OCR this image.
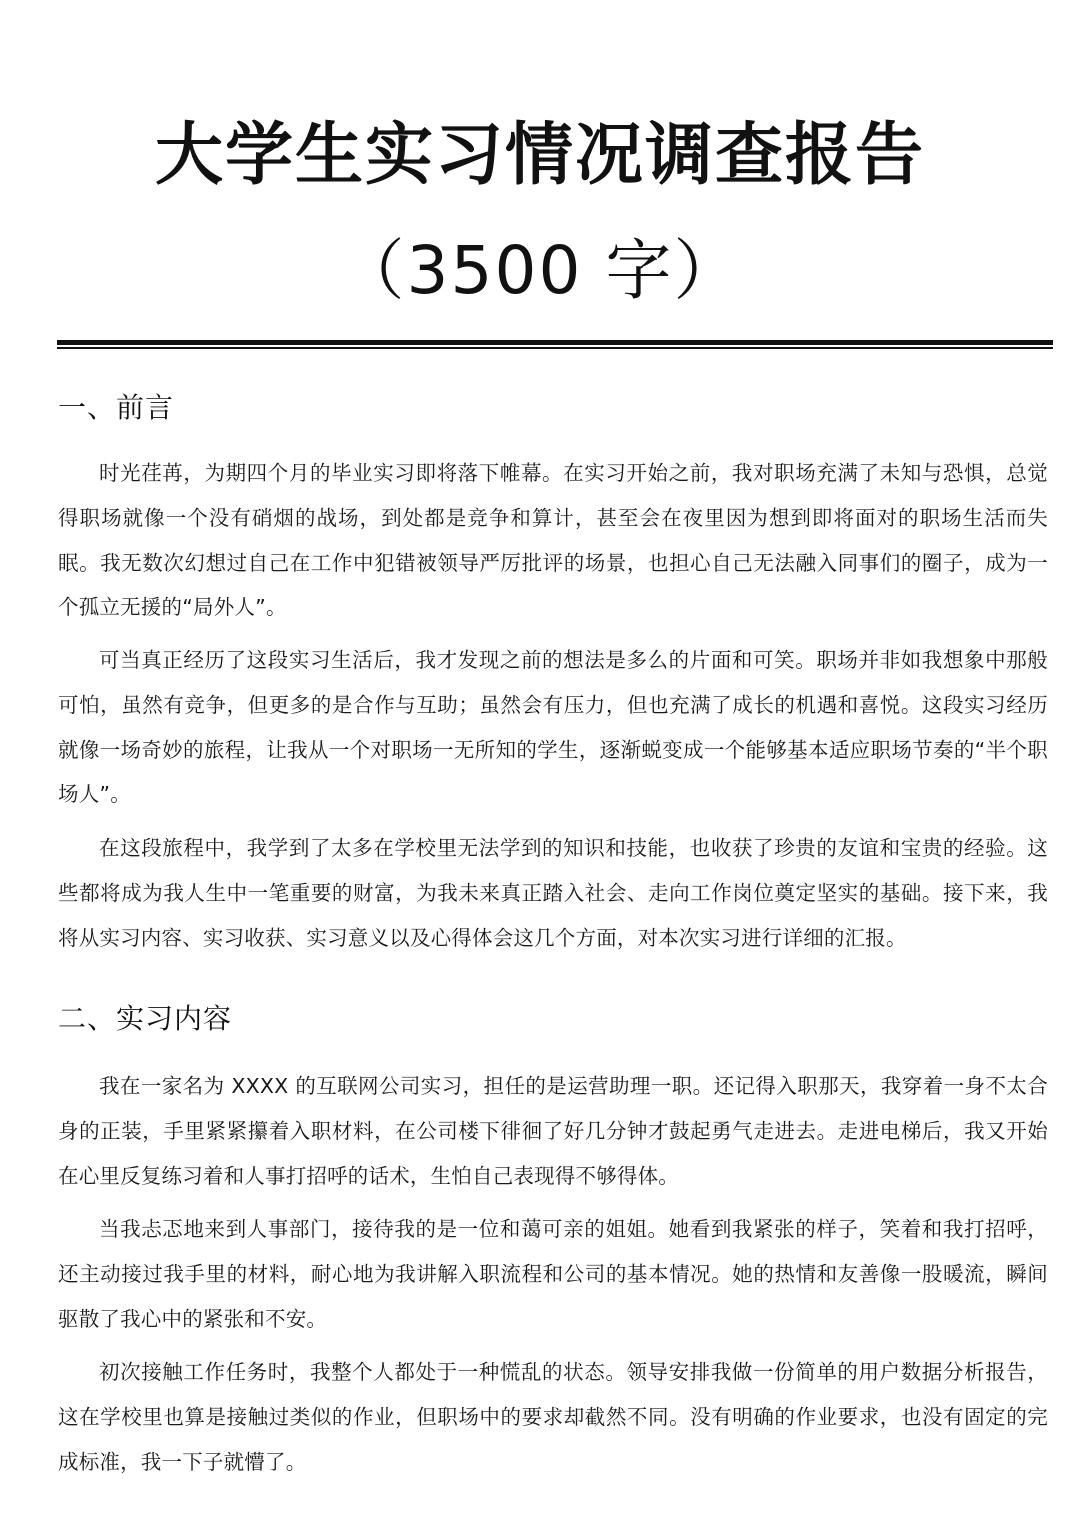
大学生实习情况调查报告
（3500 字）
一、前言

时光荏苒，为期四个月的毕业实习即将落下帷幕。在实习开始之前，我对职场充满了未知与恐惧，总觉得职场就像一个没有硝烟的战场，到处都是竞争和算计，甚至会在夜里因为想到即将面对的职场生活而失眠。我无数次幻想过自己在工作中犯错被领导严厉批评的场景，也担心自己无法融入同事们的圈子，成为一个孤立无援的“局外人”。

可当真正经历了这段实习生活后，我才发现之前的想法是多么的片面和可笑。职场并非如我想象中那般可怕，虽然有竞争，但更多的是合作与互助；虽然会有压力，但也充满了成长的机遇和喜悦。这段实习经历就像一场奇妙的旅程，让我从一个对职场一无所知的学生，逐渐蜕变成一个能够基本适应职场节奏的“半个职场人”。

在这段旅程中，我学到了太多在学校里无法学到的知识和技能，也收获了珍贵的友谊和宝贵的经验。这些都将成为我人生中一笔重要的财富，为我未来真正踏入社会、走向工作岗位奠定坚实的基础。接下来，我将从实习内容、实习收获、实习意义以及心得体会这几个方面，对本次实习进行详细的汇报。

二、实习内容

我在一家名为 XXXX 的互联网公司实习，担任的是运营助理一职。还记得入职那天，我穿着一身不太合身的正装，手里紧紧攥着入职材料，在公司楼下徘徊了好几分钟才鼓起勇气走进去。走进电梯后，我又开始在心里反复练习着和人事打招呼的话术，生怕自己表现得不够得体。

当我忐忑地来到人事部门，接待我的是一位和蔼可亲的姐姐。她看到我紧张的样子，笑着和我打招呼，还主动接过我手里的材料，耐心地为我讲解入职流程和公司的基本情况。她的热情和友善像一股暖流，瞬间驱散了我心中的紧张和不安。

初次接触工作任务时，我整个人都处于一种慌乱的状态。领导安排我做一份简单的用户数据分析报告，这在学校里也算是接触过类似的作业，但职场中的要求却截然不同。没有明确的作业要求，也没有固定的完成标准，我一下子就懵了。
